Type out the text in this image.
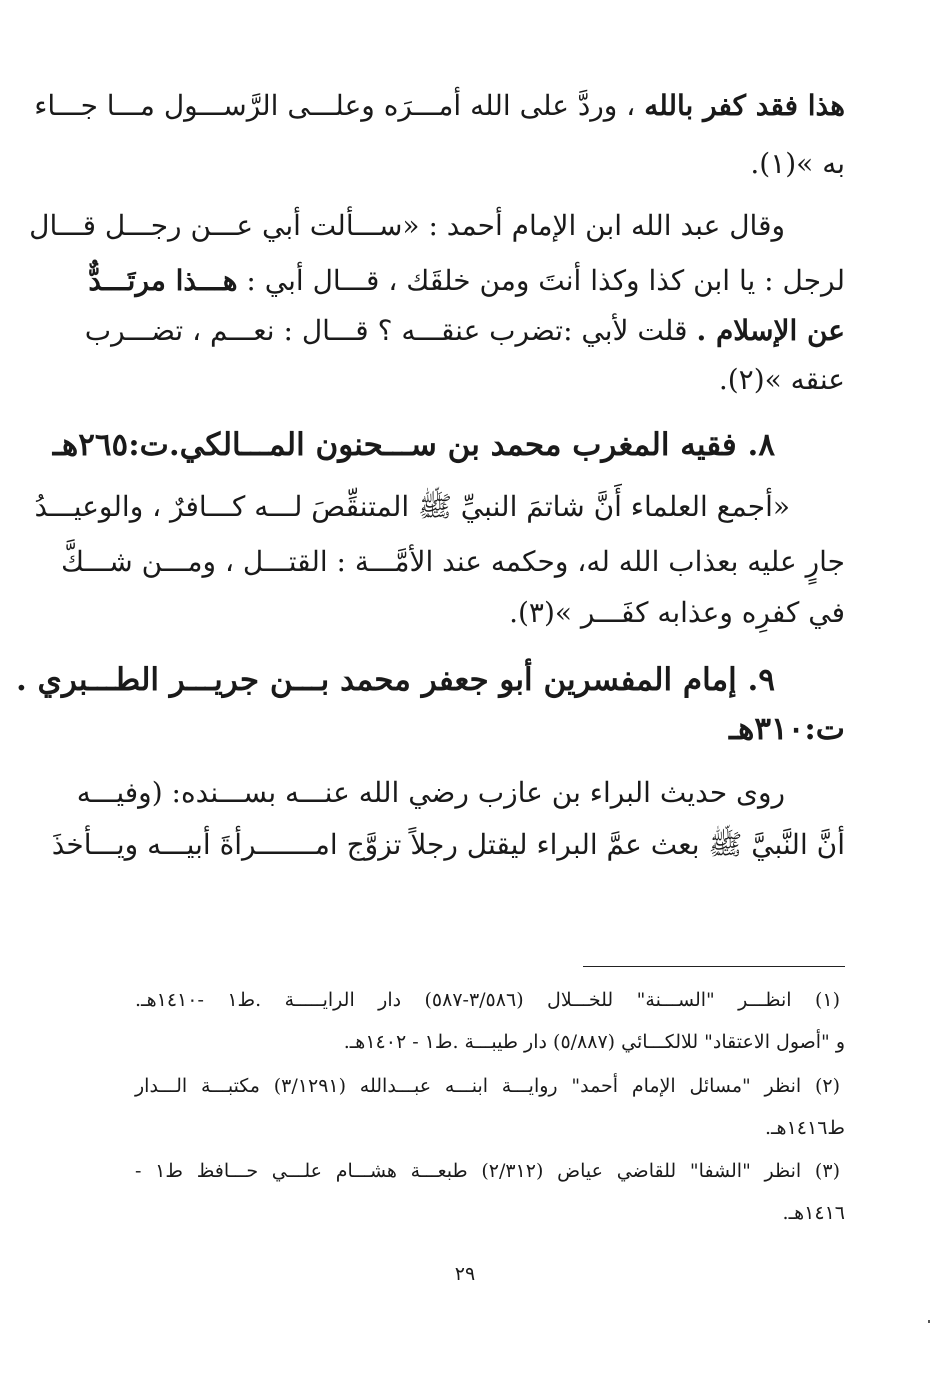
هذا فقد كفر بالله ، وردَّ على الله أمـــرَه وعلـــى الرَّســـول مـــا جـــاء
به »(١).
وقال عبد الله ابن الإمام أحمد : «ســـألت أبي عـــن رجـــل قـــال
لرجل : يا ابن كذا وكذا أنتَ ومن خلقَك ، قـــال أبي : هـــذا مرتَـــدٌّ
عن الإسلام . قلت لأبي :تضرب عنقـــه ؟ قـــال : نعـــم ، تضـــرب
عنقه »(٢).
٨. فقيه المغرب محمد بن ســـحنون المـــالكي.ت:٢٦٥هـ
«أجمع العلماء أَنَّ شاتمَ النبيِّ ﷺ المتنقِّصَ لـــه كـــافرٌ ، والوعيـــدُ
جارٍ عليه بعذاب الله له، وحكمه عند الأمَّـــة : القتـــل ، ومـــن شـــكَّ
في كفرِه وعذابه كفَـــر »(٣).
٩. إمام المفسرين أبو جعفر محمد بـــن جريـــر الطـــبري .
ت:٣١٠هـ
روى حديث البراء بن عازب رضي الله عنـــه بســـنده: (وفيـــه
أنَّ النَّبيَّ ﷺ بعث عمَّ البراء ليقتل رجلاً تزوَّج امـــــــرأةَ أبيـــه ويـــأخذَ
(١) انظـــر "الســـنة" للخـــلال (٣/٥٨٦-٥٨٧) دار الرايـــــة .ط١ -١٤١٠هـ.
و "أصول الاعتقاد" للالكـــائي (٥/٨٨٧) دار طيبـــة .ط١ - ١٤٠٢هـ.
(٢) انظر "مسائل الإمام أحمد" روايـــة ابنـــه عبـــدالله (٣/١٢٩١) مكتبـــة الـــدار
ط١٤١٦هـ.
(٣) انظر "الشفا" للقاضي عياض (٢/٣١٢) طبعـــة هشـــام علـــي حـــافظ ط١ -
١٤١٦هـ.
٢٩
